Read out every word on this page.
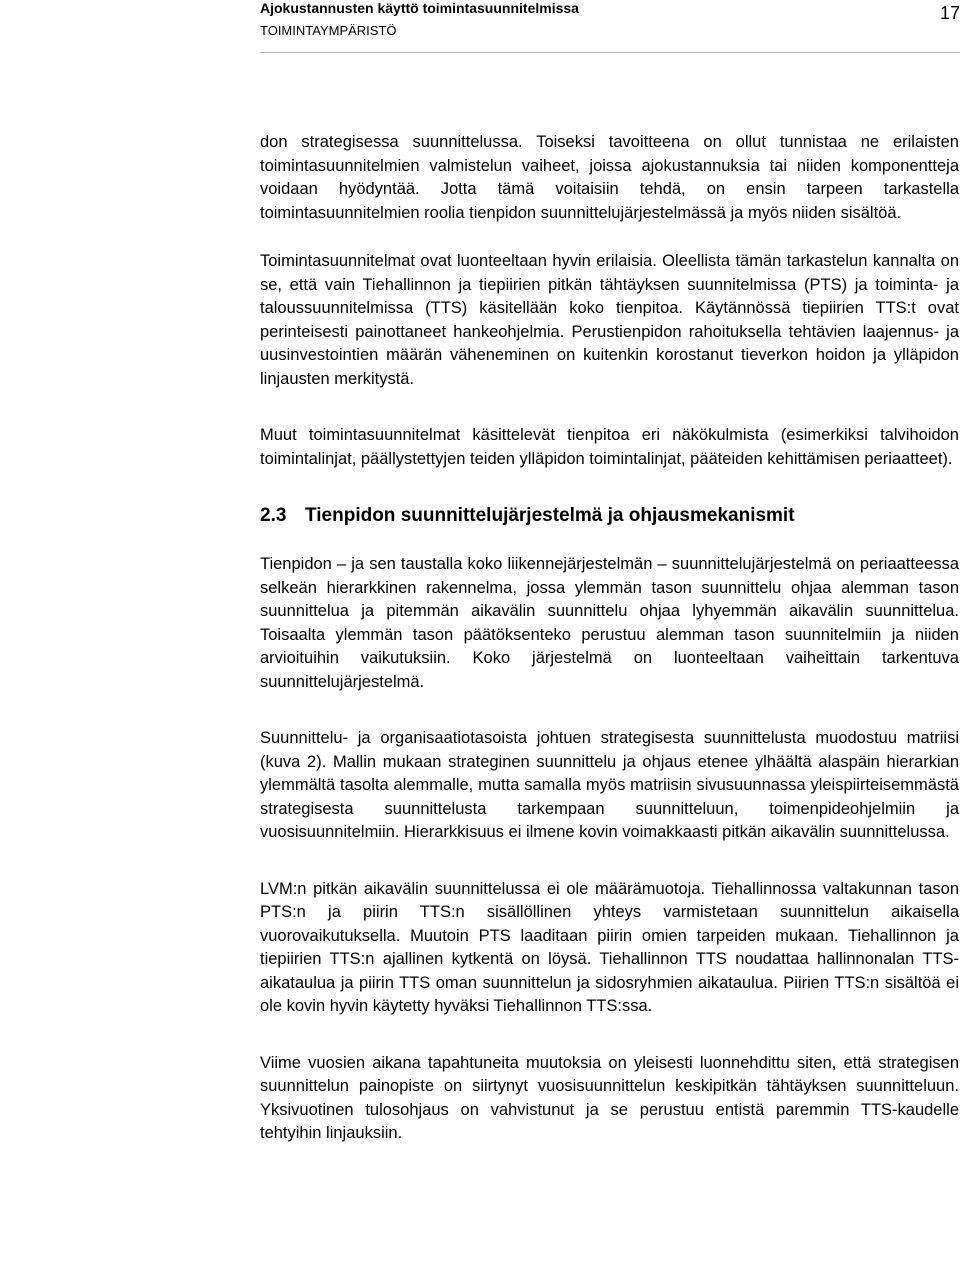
Ajokustannusten käyttö toimintasuunnitelmissa
TOIMINTAYMPÄRISTÖ
17

don strategisessa suunnittelussa. Toiseksi tavoitteena on ollut tunnistaa ne erilaisten toimintasuunnitelmien valmistelun vaiheet, joissa ajokustannuksia tai niiden komponentteja voidaan hyödyntää. Jotta tämä voitaisiin tehdä, on ensin tarpeen tarkastella toimintasuunnitelmien roolia tienpidon suunnittelujärjestelmässä ja myös niiden sisältöä.

Toimintasuunnitelmat ovat luonteeltaan hyvin erilaisia. Oleellista tämän tarkastelun kannalta on se, että vain Tiehallinnon ja tiepiirien pitkän tähtäyksen suunnitelmissa (PTS) ja toiminta- ja taloussuunnitelmissa (TTS) käsitellään koko tienpitoa. Käytännössä tiepiirien TTS:t ovat perinteisesti painottaneet hankeohjelmia. Perustienpidon rahoituksella tehtävien laajennus- ja uusinvestointien määrän väheneminen on kuitenkin korostanut tieverkon hoidon ja ylläpidon linjausten merkitystä.

Muut toimintasuunnitelmat käsittelevät tienpitoa eri näkökulmista (esimerkiksi talvihoidon toimintalinjat, päällystettyjen teiden ylläpidon toimintalinjat, pääteiden kehittämisen periaatteet).

2.3 Tienpidon suunnittelujärjestelmä ja ohjausmekanismit

Tienpidon – ja sen taustalla koko liikennejärjestelmän – suunnittelujärjestelmä on periaatteessa selkeän hierarkkinen rakennelma, jossa ylemmän tason suunnittelu ohjaa alemman tason suunnittelua ja pitemmän aikavälin suunnittelu ohjaa lyhyemmän aikavälin suunnittelua. Toisaalta ylemmän tason päätöksenteko perustuu alemman tason suunnitelmiin ja niiden arvioituihin vaikutuksiin. Koko järjestelmä on luonteeltaan vaiheittain tarkentuva suunnittelujärjestelmä.

Suunnittelu- ja organisaatiotasoista johtuen strategisesta suunnittelusta muodostuu matriisi (kuva 2). Mallin mukaan strateginen suunnittelu ja ohjaus etenee ylhäältä alaspäin hierarkian ylemmältä tasolta alemmalle, mutta samalla myös matriisin sivusuunnassa yleispiirteisemmästä strategisesta suunnittelusta tarkempaan suunnitteluun, toimenpideohjelmiin ja vuosisuunnitelmiin. Hierarkkisuus ei ilmene kovin voimakkaasti pitkän aikavälin suunnittelussa.

LVM:n pitkän aikavälin suunnittelussa ei ole määrämuotoja. Tiehallinnossa valtakunnan tason PTS:n ja piirin TTS:n sisällöllinen yhteys varmistetaan suunnittelun aikaisella vuorovaikutuksella. Muutoin PTS laaditaan piirin omien tarpeiden mukaan. Tiehallinnon ja tiepiirien TTS:n ajallinen kytkentä on löysä. Tiehallinnon TTS noudattaa hallinnonalan TTS-aikataulua ja piirin TTS oman suunnittelun ja sidosryhmien aikataulua. Piirien TTS:n sisältöä ei ole kovin hyvin käytetty hyväksi Tiehallinnon TTS:ssa.

Viime vuosien aikana tapahtuneita muutoksia on yleisesti luonnehdittu siten, että strategisen suunnittelun painopiste on siirtynyt vuosisuunnittelun keskipitkän tähtäyksen suunnitteluun. Yksivuotinen tulosohjaus on vahvistunut ja se perustuu entistä paremmin TTS-kaudelle tehtyihin linjauksiin.
